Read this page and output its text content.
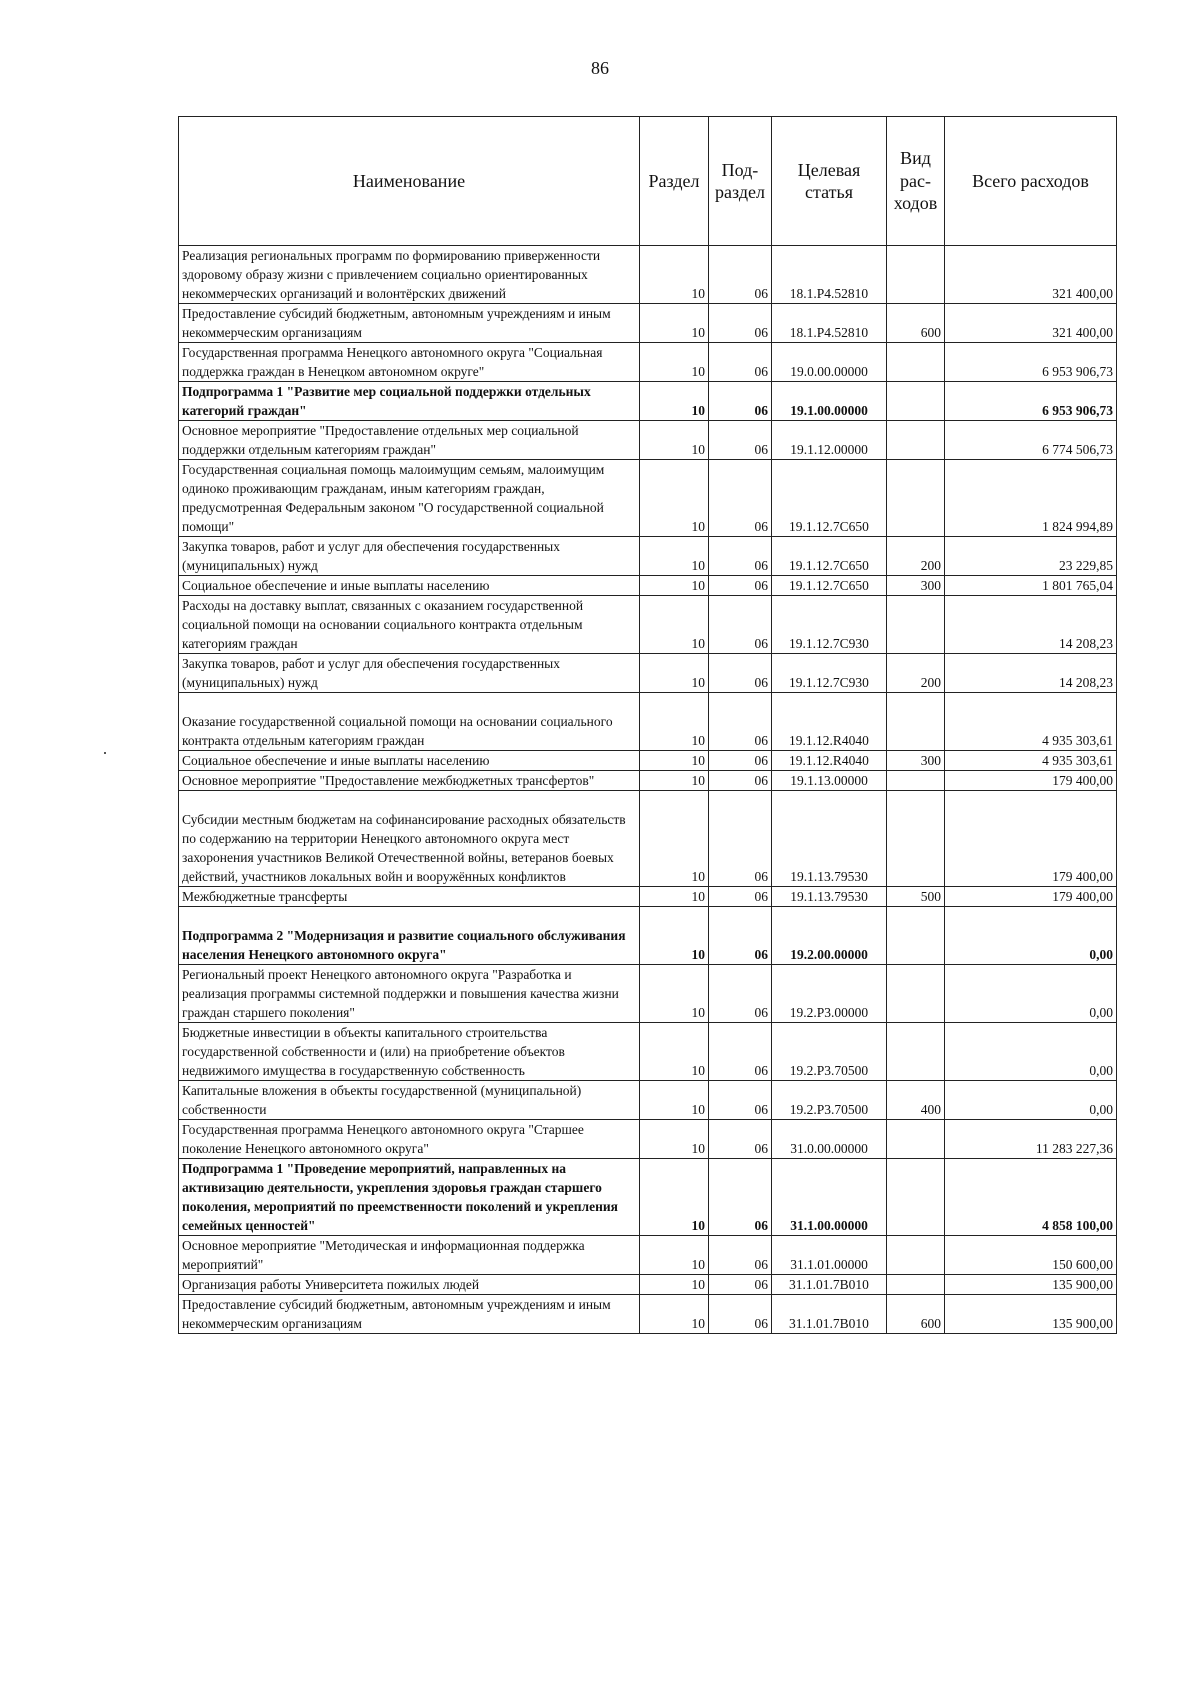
86
Наименование	Раздел	Под-раздел	Целевая статья	Вид рас-ходов	Всего расходов
Реализация региональных программ по формированию приверженности здоровому образу жизни с привлечением социально ориентированных некоммерческих организаций и волонтёрских движений	10	06	18.1.P4.52810		321 400,00
Предоставление субсидий бюджетным, автономным учреждениям и иным некоммерческим организациям	10	06	18.1.P4.52810	600	321 400,00
Государственная программа Ненецкого автономного округа "Социальная поддержка граждан в Ненецком автономном округе"	10	06	19.0.00.00000		6 953 906,73
Подпрограмма 1 "Развитие мер социальной поддержки отдельных категорий граждан"	10	06	19.1.00.00000		6 953 906,73
Основное мероприятие "Предоставление отдельных мер социальной поддержки отдельным категориям граждан"	10	06	19.1.12.00000		6 774 506,73
Государственная социальная помощь малоимущим семьям, малоимущим одиноко проживающим гражданам, иным категориям граждан, предусмотренная Федеральным законом "О государственной социальной помощи"	10	06	19.1.12.7C650		1 824 994,89
Закупка товаров, работ и услуг для обеспечения государственных (муниципальных) нужд	10	06	19.1.12.7C650	200	23 229,85
Социальное обеспечение и иные выплаты населению	10	06	19.1.12.7C650	300	1 801 765,04
Расходы на доставку выплат, связанных с оказанием государственной социальной помощи на основании социального контракта отдельным категориям граждан	10	06	19.1.12.7C930		14 208,23
Закупка товаров, работ и услуг для обеспечения государственных (муниципальных) нужд	10	06	19.1.12.7C930	200	14 208,23
Оказание государственной социальной помощи на основании социального контракта отдельным категориям граждан	10	06	19.1.12.R4040		4 935 303,61
Социальное обеспечение и иные выплаты населению	10	06	19.1.12.R4040	300	4 935 303,61
Основное мероприятие "Предоставление межбюджетных трансфертов"	10	06	19.1.13.00000		179 400,00
Субсидии местным бюджетам на софинансирование расходных обязательств по содержанию на территории Ненецкого автономного округа мест захоронения участников Великой Отечественной войны, ветеранов боевых действий, участников локальных войн и вооружённых конфликтов	10	06	19.1.13.79530		179 400,00
Межбюджетные трансферты	10	06	19.1.13.79530	500	179 400,00
Подпрограмма 2 "Модернизация и развитие социального обслуживания населения Ненецкого автономного округа"	10	06	19.2.00.00000		0,00
Региональный проект Ненецкого автономного округа "Разработка и реализация программы системной поддержки и повышения качества жизни граждан старшего поколения"	10	06	19.2.P3.00000		0,00
Бюджетные инвестиции в объекты капитального строительства государственной собственности и (или) на приобретение объектов недвижимого имущества в государственную собственность	10	06	19.2.P3.70500		0,00
Капитальные вложения в объекты государственной (муниципальной) собственности	10	06	19.2.P3.70500	400	0,00
Государственная программа Ненецкого автономного округа "Старшее поколение Ненецкого автономного округа"	10	06	31.0.00.00000		11 283 227,36
Подпрограмма 1 "Проведение мероприятий, направленных на активизацию деятельности, укрепления здоровья граждан старшего поколения, мероприятий по преемственности поколений и укрепления семейных ценностей"	10	06	31.1.00.00000		4 858 100,00
Основное мероприятие "Методическая и информационная поддержка мероприятий"	10	06	31.1.01.00000		150 600,00
Организация работы Университета пожилых людей	10	06	31.1.01.7B010		135 900,00
Предоставление субсидий бюджетным, автономным учреждениям и иным некоммерческим организациям	10	06	31.1.01.7B010	600	135 900,00
